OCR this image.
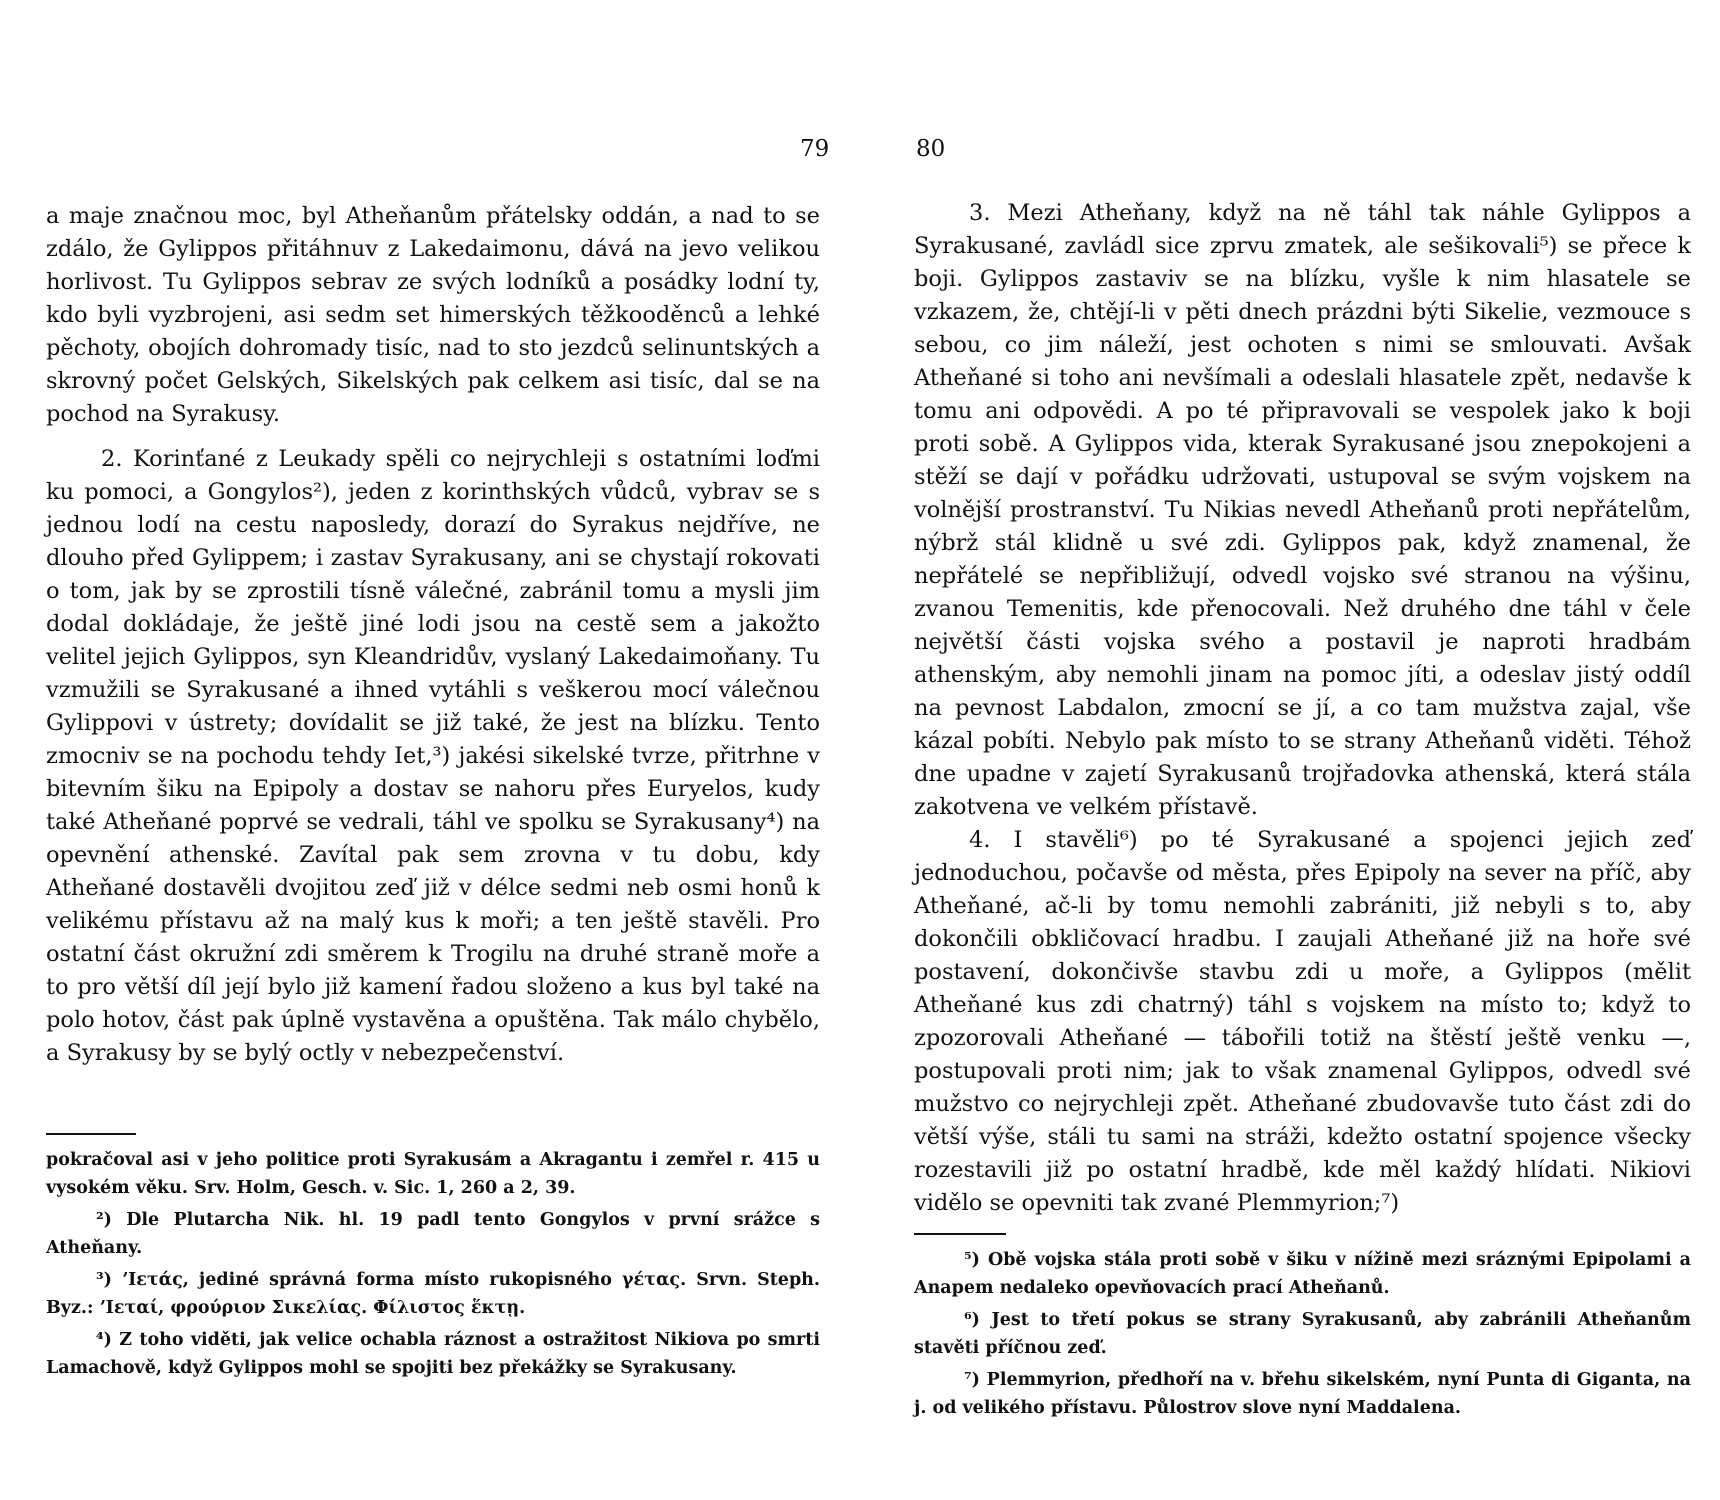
79

a maje značnou moc, byl Atheňanům přátelsky oddán, a nad to se zdálo, že Gylippos přitáhnuv z Lakedaimonu, dává na jevo velikou horlivost. Tu Gylippos sebrav ze svých lodníků a posádky lodní ty, kdo byli vyzbrojeni, asi sedm set himerských těžkooděnců a lehké pěchoty, obojích dohromady tisíc, nad to sto jezdců selinuntských a skrovný počet Gelských, Sikelských pak celkem asi tisíc, dal se na pochod na Syrakusy.

2. Korinťané z Leukady spěli co nejrychleji s ostatními loďmi ku pomoci, a Gongylos²), jeden z korinthských vůdců, vybrav se s jednou lodí na cestu naposledy, dorazí do Syrakus nejdříve, ne dlouho před Gylippem; i zastav Syrakusany, ani se chystají rokovati o tom, jak by se zprostili tísně válečné, zabránil tomu a mysli jim dodal dokládaje, že ještě jiné lodi jsou na cestě sem a jakožto velitel jejich Gylippos, syn Kleandridův, vyslaný Lakedaimoňany. Tu vzmužili se Syrakusané a ihned vytáhli s veškerou mocí válečnou Gylippovi v ústrety; dovídalit se již také, že jest na blízku. Tento zmocniv se na pochodu tehdy Iet,³) jakési sikelské tvrze, přitrhne v bitevním šiku na Epipoly a dostav se nahoru přes Euryelos, kudy také Atheňané poprvé se vedrali, táhl ve spolku se Syrakusany⁴) na opevnění athenské. Zavítal pak sem zrovna v tu dobu, kdy Atheňané dostavěli dvojitou zeď již v délce sedmi neb osmi honů k velikému přístavu až na malý kus k moři; a ten ještě stavěli. Pro ostatní část okružní zdi směrem k Trogilu na druhé straně moře a to pro větší díl její bylo již kamení řadou složeno a kus byl také na polo hotov, část pak úplně vystavěna a opuštěna. Tak málo chybělo, a Syrakusy by se bylý octly v nebezpečenství.

pokračoval asi v jeho politice proti Syrakusám a Akragantu i zemřel r. 415 u vysokém věku. Srv. Holm, Gesch. v. Sic. 1, 260 a 2, 39.

²) Dle Plutarcha Nik. hl. 19 padl tento Gongylos v první srážce s Atheňany.

³) ʼΙετάς, jediné správná forma místo rukopisného γέτας. Srvn. Steph. Byz.: ʼΙεταί, φρούριον Σικελίας. Φίλιστος ἕκτῃ.

⁴) Z toho viděti, jak velice ochabla ráznost a ostražitost Nikiova po smrti Lamachově, když Gylippos mohl se spojiti bez překážky se Syrakusany.

80

3. Mezi Atheňany, když na ně táhl tak náhle Gylippos a Syrakusané, zavládl sice zprvu zmatek, ale sešikovali⁵) se přece k boji. Gylippos zastaviv se na blízku, vyšle k nim hlasatele se vzkazem, že, chtějí-li v pěti dnech prázdni býti Sikelie, vezmouce s sebou, co jim náleží, jest ochoten s nimi se smlouvati. Avšak Atheňané si toho ani nevšímali a odeslali hlasatele zpět, nedavše k tomu ani odpovědi. A po té připravovali se vespolek jako k boji proti sobě. A Gylippos vida, kterak Syrakusané jsou znepokojeni a stěží se dají v pořádku udržovati, ustupoval se svým vojskem na volnější prostranství. Tu Nikias nevedl Atheňanů proti nepřátelům, nýbrž stál klidně u své zdi. Gylippos pak, když znamenal, že nepřátelé se nepřibližují, odvedl vojsko své stranou na výšinu, zvanou Temenitis, kde přenocovali. Než druhého dne táhl v čele největší části vojska svého a postavil je naproti hradbám athenským, aby nemohli jinam na pomoc jíti, a odeslav jistý oddíl na pevnost Labdalon, zmocní se jí, a co tam mužstva zajal, vše kázal pobíti. Nebylo pak místo to se strany Atheňanů viděti. Téhož dne upadne v zajetí Syrakusanů trojřadovka athenská, která stála zakotvena ve velkém přístavě.

4. I stavěli⁶) po té Syrakusané a spojenci jejich zeď jednoduchou, počavše od města, přes Epipoly na sever na příč, aby Atheňané, ač-li by tomu nemohli zabrániti, již nebyli s to, aby dokončili obkličovací hradbu. I zaujali Atheňané již na hoře své postavení, dokončivše stavbu zdi u moře, a Gylippos (mělit Atheňané kus zdi chatrný) táhl s vojskem na místo to; když to zpozorovali Atheňané — tábořili totiž na štěstí ještě venku —, postupovali proti nim; jak to však znamenal Gylippos, odvedl své mužstvo co nejrychleji zpět. Atheňané zbudovavše tuto část zdi do větší výše, stáli tu sami na stráži, kdežto ostatní spojence všecky rozestavili již po ostatní hradbě, kde měl každý hlídati. Nikiovi vidělo se opevniti tak zvané Plemmyrion;⁷)

⁵) Obě vojska stála proti sobě v šiku v nížině mezi sráznými Epipolami a Anapem nedaleko opevňovacích prací Atheňanů.

⁶) Jest to třetí pokus se strany Syrakusanů, aby zabránili Atheňanům stavěti příčnou zeď.

⁷) Plemmyrion, předhoří na v. břehu sikelském, nyní Punta di Giganta, na j. od velikého přístavu. Půlostrov slove nyní Maddalena.
